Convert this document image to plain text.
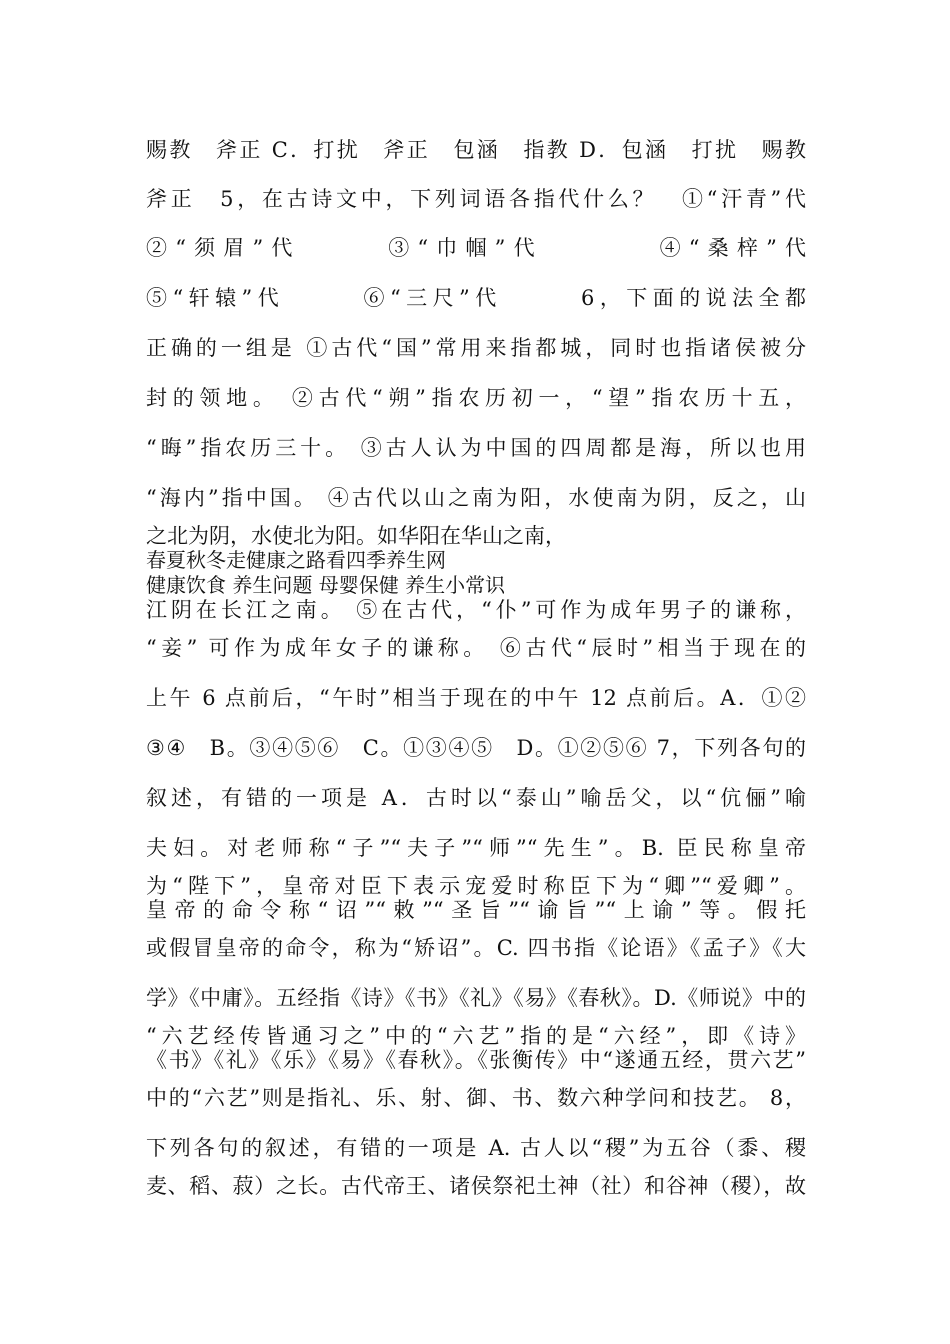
赐教　斧正 C．打扰　斧正　包涵　指教 D．包涵　打扰　赐教
斧正　5，在古诗文中，下列词语各指代什么？　①“汗青”代
②“须眉”代　　　③“巾帼”代　　　　④“桑梓”代
⑤“轩辕”代　　　⑥“三尺”代　　　6，下面的说法全都
正确的一组是 ①古代“国”常用来指都城，同时也指诸侯被分
封的领地。 ②古代“朔”指农历初一，“望”指农历十五，
“晦”指农历三十。 ③古人认为中国的四周都是海，所以也用
“海内”指中国。 ④古代以山之南为阳，水使南为阴，反之，山
之北为阴，水使北为阳。如华阳在华山之南，
春夏秋冬走健康之路看四季养生网
健康饮食 养生问题 母婴保健 养生小常识
江阴在长江之南。 ⑤在古代，“仆”可作为成年男子的谦称，
“妾” 可作为成年女子的谦称。 ⑥古代“辰时”相当于现在的
上午 6 点前后，“午时”相当于现在的中午 12 点前后。A．①②
③④　B。③④⑤⑥　C。①③④⑤　D。①②⑤⑥ 7，下列各句的
叙述，有错的一项是 A．古时以“泰山”喻岳父，以“伉俪”喻
夫妇。对老师称“子”“夫子”“师”“先生”。B. 臣民称皇帝
为“陛下”，皇帝对臣下表示宠爱时称臣下为“卿”“爱卿”。
皇帝的命令称“诏”“敕”“圣旨”“谕旨”“上谕”等。假托
或假冒皇帝的命令，称为“矫诏”。C. 四书指《论语》《孟子》《大
学》《中庸》。五经指《诗》《书》《礼》《易》《春秋》。D.《师说》中的
“六艺经传皆通习之”中的“六艺”指的是“六经”，即《诗》
《书》《礼》《乐》《易》《春秋》。《张衡传》中“遂通五经，贯六艺”
中的“六艺”则是指礼、乐、射、御、书、数六种学问和技艺。 8，
下列各句的叙述，有错的一项是 A. 古人以“稷”为五谷（黍、稷
麦、稻、菽）之长。古代帝王、诸侯祭祀土神（社）和谷神（稷），故
